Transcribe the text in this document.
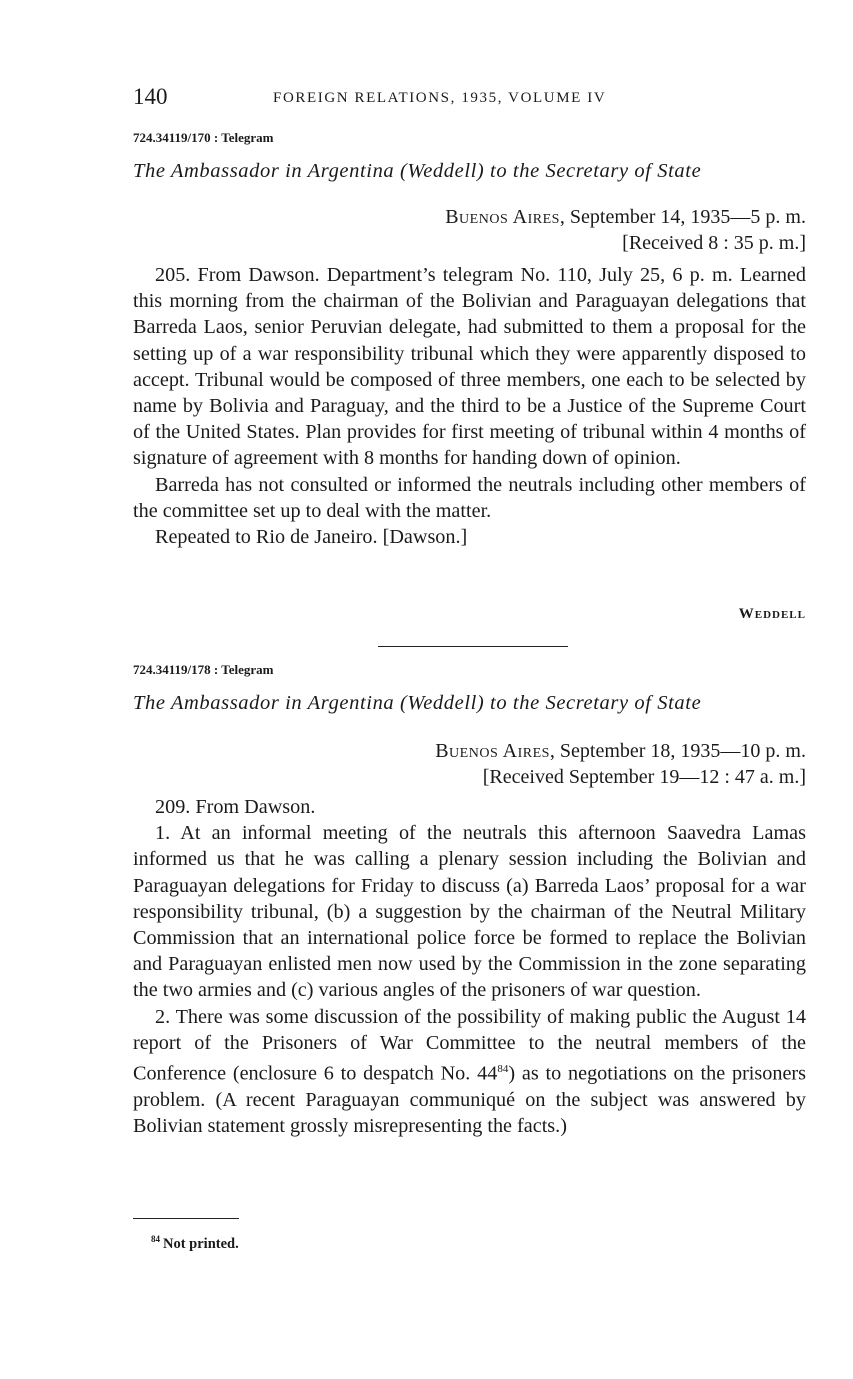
140	FOREIGN RELATIONS, 1935, VOLUME IV
724.34119/170 : Telegram
The Ambassador in Argentina (Weddell) to the Secretary of State
Buenos Aires, September 14, 1935—5 p. m.
[Received 8 : 35 p. m.]

205. From Dawson. Department’s telegram No. 110, July 25, 6 p. m. Learned this morning from the chairman of the Bolivian and Paraguayan delegations that Barreda Laos, senior Peruvian delegate, had submitted to them a proposal for the setting up of a war responsibility tribunal which they were apparently disposed to accept. Tribunal would be composed of three members, one each to be selected by name by Bolivia and Paraguay, and the third to be a Justice of the Supreme Court of the United States. Plan provides for first meeting of tribunal within 4 months of signature of agreement with 8 months for handing down of opinion.

Barreda has not consulted or informed the neutrals including other members of the committee set up to deal with the matter.

Repeated to Rio de Janeiro. [Dawson.]

Weddell
724.34119/178 : Telegram
The Ambassador in Argentina (Weddell) to the Secretary of State
Buenos Aires, September 18, 1935—10 p. m.
[Received September 19—12 : 47 a. m.]

209. From Dawson.

1. At an informal meeting of the neutrals this afternoon Saavedra Lamas informed us that he was calling a plenary session including the Bolivian and Paraguayan delegations for Friday to discuss (a) Barreda Laos’ proposal for a war responsibility tribunal, (b) a suggestion by the chairman of the Neutral Military Commission that an international police force be formed to replace the Bolivian and Paraguayan enlisted men now used by the Commission in the zone separating the two armies and (c) various angles of the prisoners of war question.

2. There was some discussion of the possibility of making public the August 14 report of the Prisoners of War Committee to the neutral members of the Conference (enclosure 6 to despatch No. 44$^{84}$) as to negotiations on the prisoners problem. (A recent Paraguayan communiqué on the subject was answered by Bolivian statement grossly misrepresenting the facts.)

$^{84}$ Not printed.
